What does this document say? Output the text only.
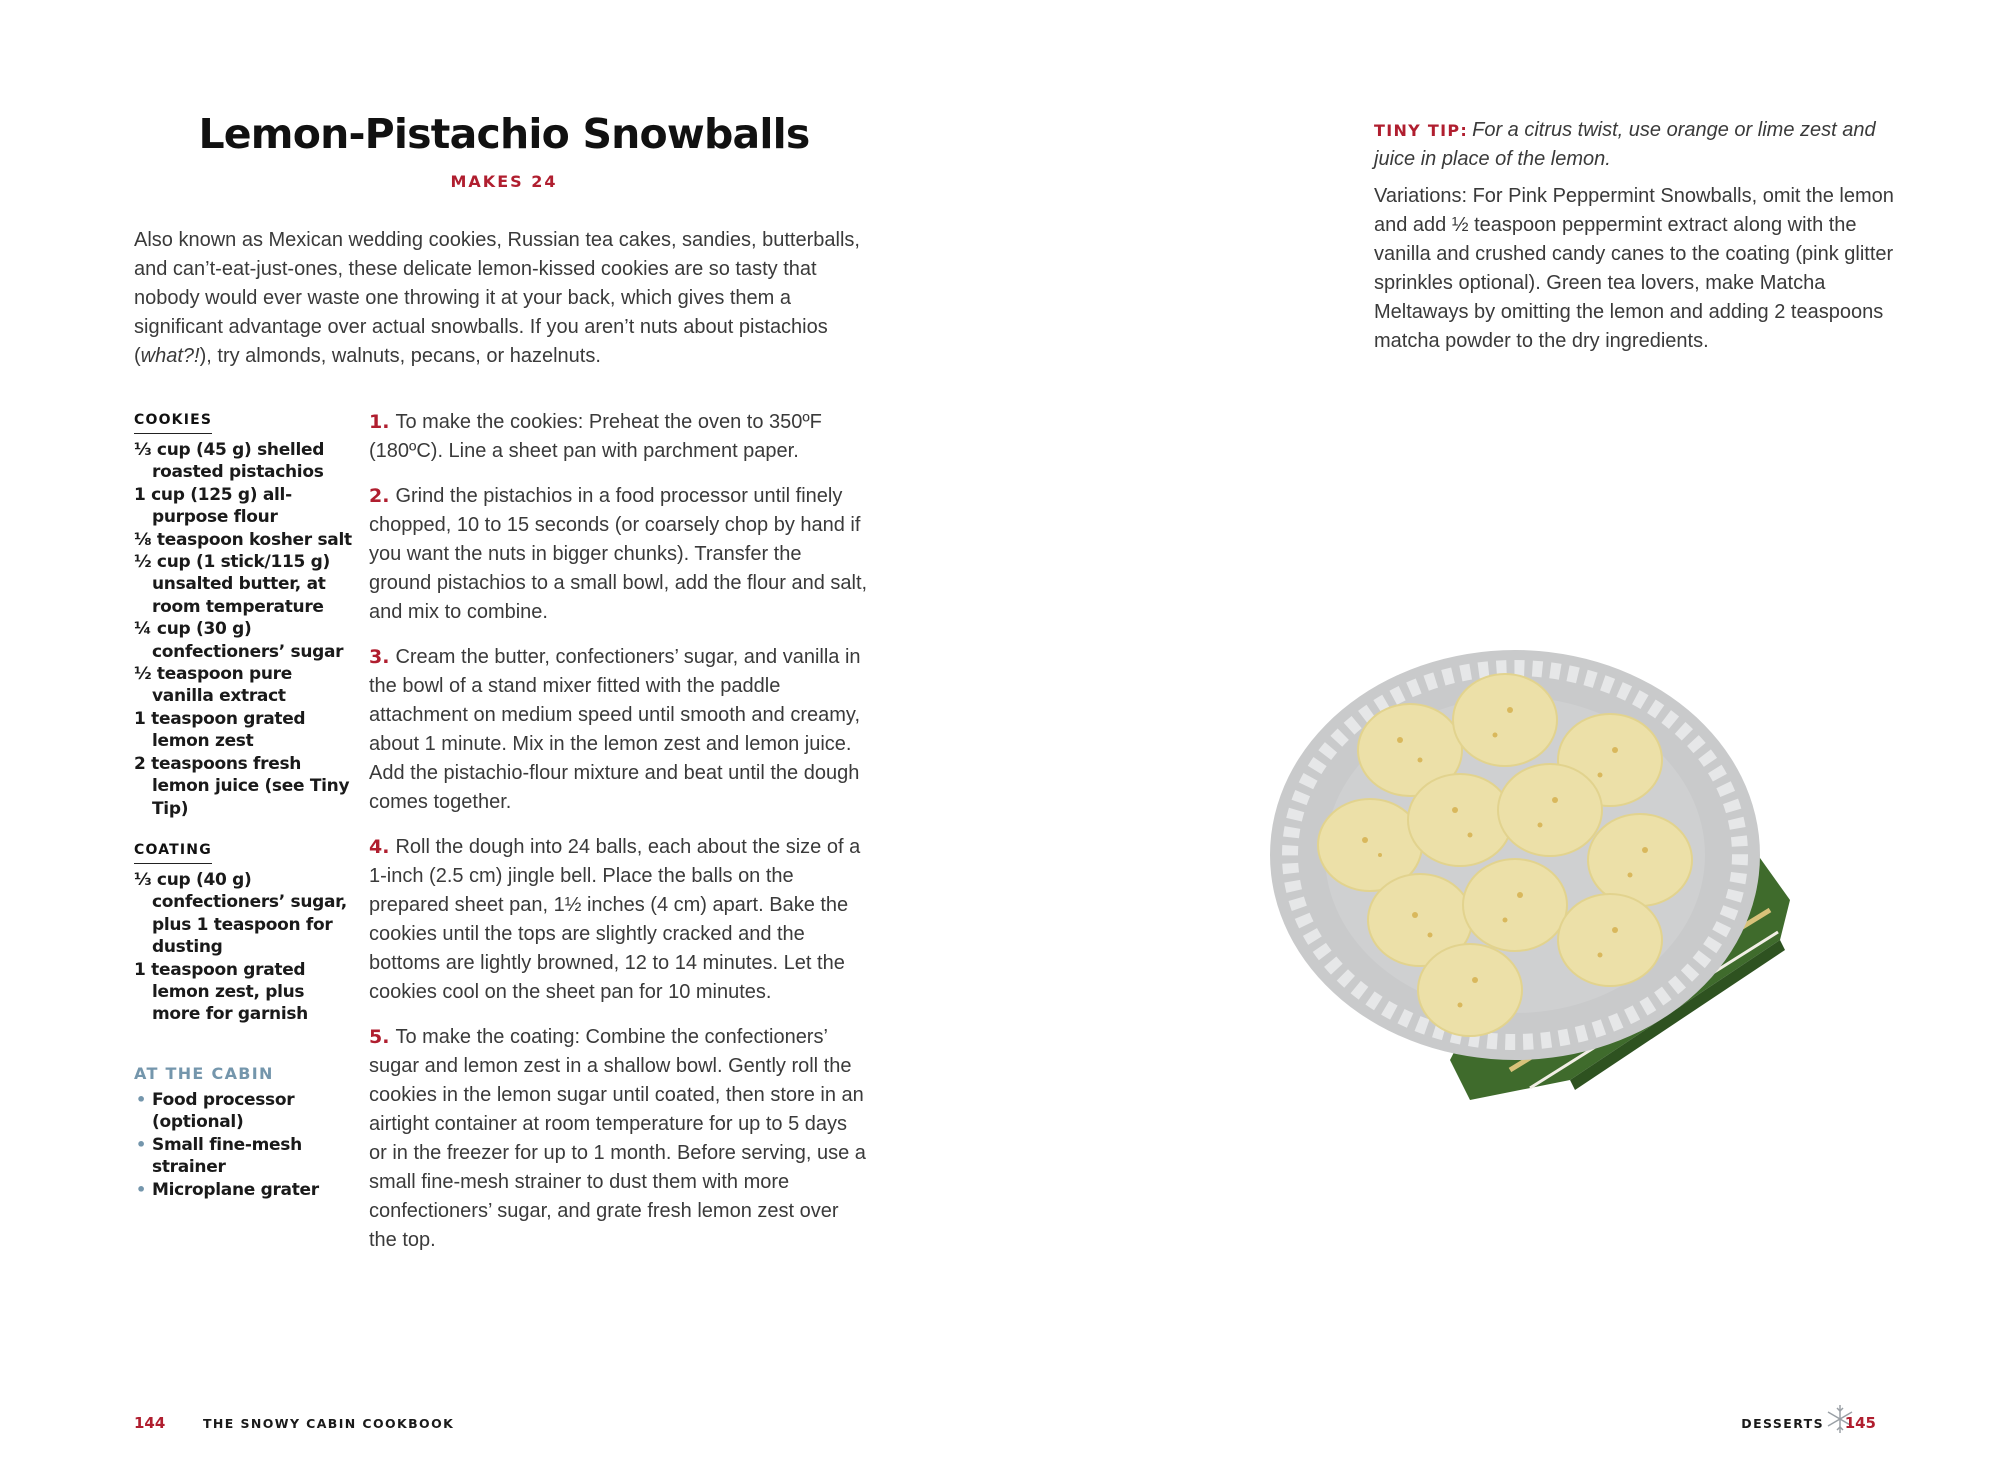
Lemon-Pistachio Snowballs
MAKES 24

Also known as Mexican wedding cookies, Russian tea cakes, sandies, butterballs, and can’t-eat-just-ones, these delicate lemon-kissed cookies are so tasty that nobody would ever waste one throwing it at your back, which gives them a significant advantage over actual snowballs. If you aren’t nuts about pistachios (what?!), try almonds, walnuts, pecans, or hazelnuts.

COOKIES
⅓ cup (45 g) shelled roasted pistachios
1 cup (125 g) all-purpose flour
⅛ teaspoon kosher salt
½ cup (1 stick/115 g) unsalted butter, at room temperature
¼ cup (30 g) confectioners’ sugar
½ teaspoon pure vanilla extract
1 teaspoon grated lemon zest
2 teaspoons fresh lemon juice (see Tiny Tip)
COATING
⅓ cup (40 g) confectioners’ sugar, plus 1 teaspoon for dusting
1 teaspoon grated lemon zest, plus more for garnish
AT THE CABIN
• Food processor (optional)
• Small fine-mesh strainer
• Microplane grater

1. To make the cookies: Preheat the oven to 350ºF (180ºC). Line a sheet pan with parchment paper.

2. Grind the pistachios in a food processor until finely chopped, 10 to 15 seconds (or coarsely chop by hand if you want the nuts in bigger chunks). Transfer the ground pistachios to a small bowl, add the flour and salt, and mix to combine.

3. Cream the butter, confectioners’ sugar, and vanilla in the bowl of a stand mixer fitted with the paddle attachment on medium speed until smooth and creamy, about 1 minute. Mix in the lemon zest and lemon juice. Add the pistachio-flour mixture and beat until the dough comes together.

4. Roll the dough into 24 balls, each about the size of a 1-inch (2.5 cm) jingle bell. Place the balls on the prepared sheet pan, 1½ inches (4 cm) apart. Bake the cookies until the tops are slightly cracked and the bottoms are lightly browned, 12 to 14 minutes. Let the cookies cool on the sheet pan for 10 minutes.

5. To make the coating: Combine the confectioners’ sugar and lemon zest in a shallow bowl. Gently roll the cookies in the lemon sugar until coated, then store in an airtight container at room temperature for up to 5 days or in the freezer for up to 1 month. Before serving, use a small fine-mesh strainer to dust them with more confectioners’ sugar, and grate fresh lemon zest over the top.

144	THE SNOWY CABIN COOKBOOK

TINY TIP: For a citrus twist, use orange or lime zest and juice in place of the lemon.

Variations: For Pink Peppermint Snowballs, omit the lemon and add ½ teaspoon peppermint extract along with the vanilla and crushed candy canes to the coating (pink glitter sprinkles optional). Green tea lovers, make Matcha Meltaways by omitting the lemon and adding 2 teaspoons matcha powder to the dry ingredients.

DESSERTS 145
